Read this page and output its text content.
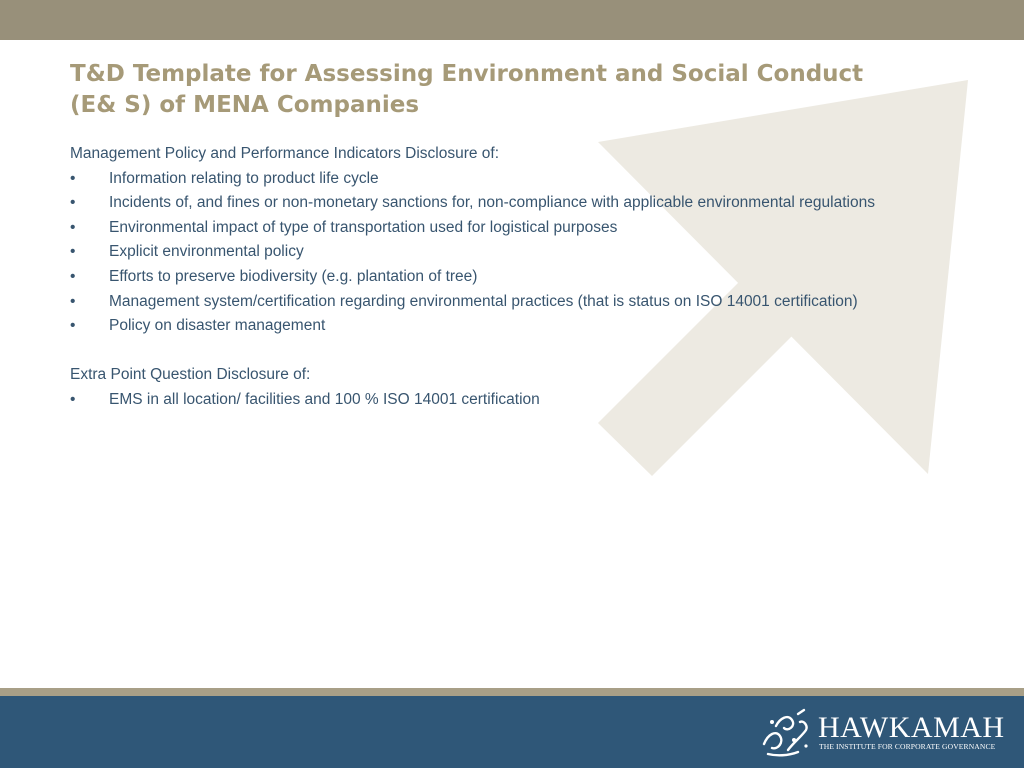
T&D Template for Assessing Environment and Social Conduct
(E& S) of MENA Companies
Management Policy and Performance Indicators Disclosure of:
•	Information relating to product life cycle
•	Incidents of, and fines or non-monetary sanctions for, non-compliance with applicable environmental regulations
•	Environmental impact of type of transportation used for logistical purposes
•	Explicit environmental policy
•	Efforts to preserve biodiversity (e.g. plantation of tree)
•	Management system/certification regarding environmental practices (that is status on ISO 14001 certification)
•	Policy on disaster management
Extra Point Question Disclosure of:
•	EMS in all location/ facilities and 100 % ISO 14001 certification
HAWKAMAH
THE INSTITUTE FOR CORPORATE GOVERNANCE
